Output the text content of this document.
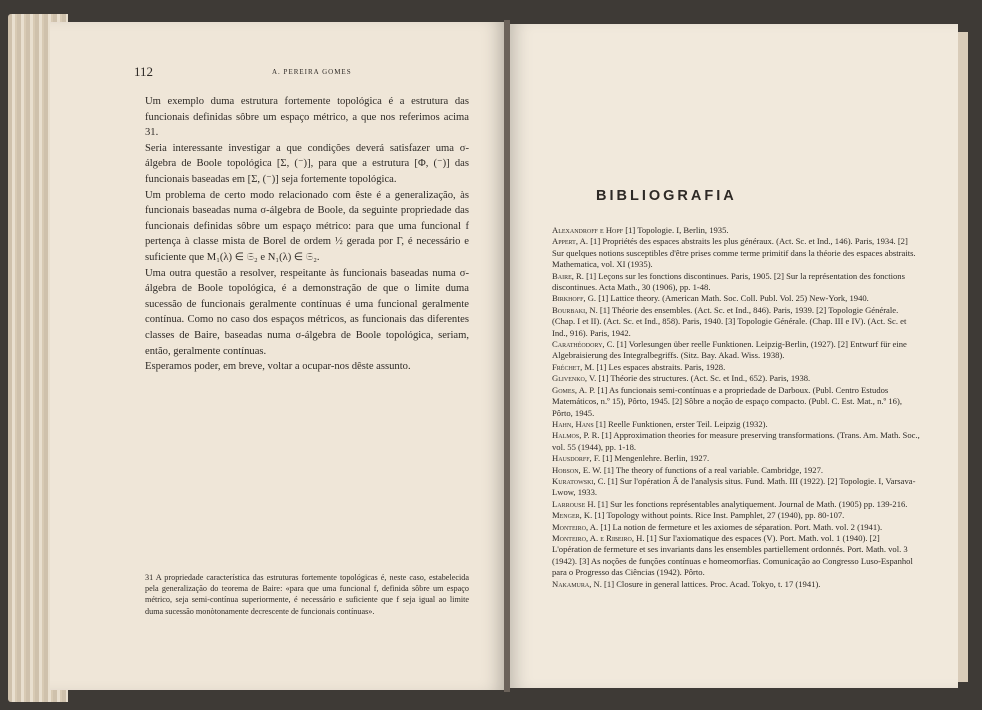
112	A. PEREIRA GOMES

Um exemplo duma estrutura fortemente topológica é a estrutura das funcionais definidas sôbre um espaço métrico, a que nos referimos acima 31.

Seria interessante investigar a que condições deverá satisfazer uma σ-álgebra de Boole topológica [Σ, (⁻)], para que a estrutura [Φ, (⁻)] das funcionais baseadas em [Σ, (⁻)] seja fortemente topológica.

Um problema de certo modo relacionado com êste é a generalização, às funcionais baseadas numa σ-álgebra de Boole, da seguinte propriedade das funcionais definidas sôbre um espaço métrico: para que uma funcional f pertença à classe mista de Borel de ordem ½ gerada por Γ, é necessário e suficiente que M₁(λ) ∈ 𝔖₂ e N₁(λ) ∈ 𝔖₂.

Uma outra questão a resolver, respeitante às funcionais baseadas numa σ-álgebra de Boole topológica, é a demonstração de que o limite duma sucessão de funcionais geralmente contínuas é uma funcional geralmente contínua. Como no caso dos espaços métricos, as funcionais das diferentes classes de Baire, baseadas numa σ-álgebra de Boole topológica, seriam, então, geralmente contínuas.

Esperamos poder, em breve, voltar a ocupar-nos dêste assunto.

31 A propriedade característica das estruturas fortemente topológicas é, neste caso, estabelecida pela generalização do teorema de Baire: «para que uma funcional f, definida sôbre um espaço métrico, seja semi-contínua superiormente, é necessário e suficiente que f seja igual ao limite duma sucessão monòtonamente decrescente de funcionais contínuas».
BIBLIOGRAFIA
Alexandroff e Hopf [1] Topologie. I, Berlin, 1935.
Appert, A. [1] Propriétés des espaces abstraits les plus généraux. (Act. Sc. et Ind., 146). Paris, 1934. [2] Sur quelques notions susceptibles d'être prises comme terme primitif dans la théorie des espaces abstraits. Mathematica, vol. XI (1935).
Baire, R. [1] Leçons sur les fonctions discontinues. Paris, 1905. [2] Sur la représentation des fonctions discontinues. Acta Math., 30 (1906), pp. 1-48.
Birkhoff, G. [1] Lattice theory. (American Math. Soc. Coll. Publ. Vol. 25) New-York, 1940.
Bourbaki, N. [1] Théorie des ensembles. (Act. Sc. et Ind., 846). Paris, 1939. [2] Topologie Générale. (Chap. I et II). (Act. Sc. et Ind., 858). Paris, 1940. [3] Topologie Générale. (Chap. III e IV). (Act. Sc. et Ind., 916). Paris, 1942.
Carathéodory, C. [1] Vorlesungen über reelle Funktionen. Leipzig-Berlin, (1927). [2] Entwurf für eine Algebraisierung des Integralbegriffs. (Sitz. Bay. Akad. Wiss. 1938).
Fréchet, M. [1] Les espaces abstraits. Paris, 1928.
Glivenko, V. [1] Théorie des structures. (Act. Sc. et Ind., 652). Paris, 1938.
Gomes, A. P. [1] As funcionais semi-contínuas e a propriedade de Darboux. (Publ. Centro Estudos Matemáticos, n.º 15), Pôrto, 1945. [2] Sôbre a noção de espaço compacto. (Publ. C. Est. Mat., n.º 16), Pôrto, 1945.
Hahn, Hans [1] Reelle Funktionen, erster Teil. Leipzig (1932).
Halmos, P. R. [1] Approximation theories for measure preserving transformations. (Trans. Am. Math. Soc., vol. 55 (1944), pp. 1-18.
Hausdorff, F. [1] Mengenlehre. Berlin, 1927.
Hobson, E. W. [1] The theory of functions of a real variable. Cambridge, 1927.
Kuratowski, C. [1] Sur l'opération Ā de l'analysis situs. Fund. Math. III (1922). [2] Topologie. I, Varsava-Lwow, 1933.
Larrouse H. [1] Sur les fonctions représentables analytiquement. Journal de Math. (1905) pp. 139-216.
Menger, K. [1] Topology without points. Rice Inst. Pamphlet, 27 (1940), pp. 80-107.
Monteiro, A. [1] La notion de fermeture et les axiomes de séparation. Port. Math. vol. 2 (1941).
Monteiro, A. e Ribeiro, H. [1] Sur l'axiomatique des espaces (V). Port. Math. vol. 1 (1940). [2] L'opération de fermeture et ses invariants dans les ensembles partiellement ordonnés. Port. Math. vol. 3 (1942). [3] As noções de funções contínuas e homeomorfias. Comunicação ao Congresso Luso-Espanhol para o Progresso das Ciências (1942). Pôrto.
Nakamura, N. [1] Closure in general lattices. Proc. Acad. Tokyo, t. 17 (1941).
